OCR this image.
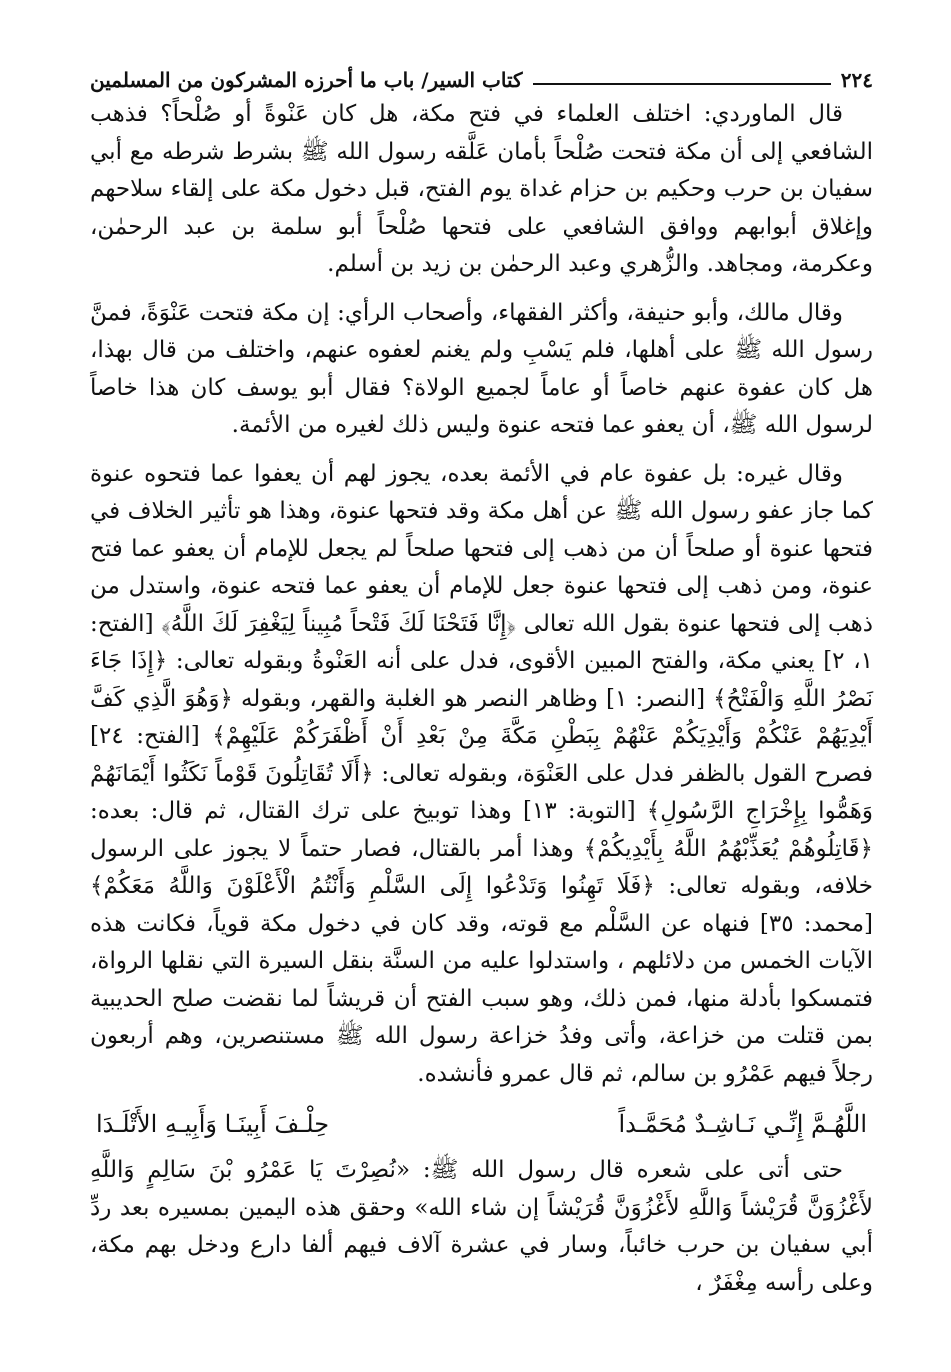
٢٢٤
كتاب السير/ باب ما أحرزه المشركون من المسلمين

قال الماوردي: اختلف العلماء في فتح مكة، هل كان عَنْوةً أو صُلْحاً؟ فذهب الشافعي إلى أن مكة فتحت صُلْحاً بأمان عَلَّقه رسول الله ﷺ بشرط شرطه مع أبي سفيان بن حرب وحكيم بن حزام غداة يوم الفتح، قبل دخول مكة على إلقاء سلاحهم وإغلاق أبوابهم ووافق الشافعي على فتحها صُلْحاً أبو سلمة بن عبد الرحمٰن، وعكرمة، ومجاهد. والزُّهري وعبد الرحمٰن بن زيد بن أسلم.

وقال مالك، وأبو حنيفة، وأكثر الفقهاء، وأصحاب الرأي: إن مكة فتحت عَنْوَةً، فمنَّ رسول الله ﷺ على أهلها، فلم يَسْبِ ولم يغنم لعفوه عنهم، واختلف من قال بهذا، هل كان عفوة عنهم خاصاً أو عاماً لجميع الولاة؟ فقال أبو يوسف كان هذا خاصاً لرسول الله ﷺ، أن يعفو عما فتحه عنوة وليس ذلك لغيره من الأئمة.

وقال غيره: بل عفوة عام في الأئمة بعده، يجوز لهم أن يعفوا عما فتحوه عنوة كما جاز عفو رسول الله ﷺ عن أهل مكة وقد فتحها عنوة، وهذا هو تأثير الخلاف في فتحها عنوة أو صلحاً أن من ذهب إلى فتحها صلحاً لم يجعل للإمام أن يعفو عما فتح عنوة، ومن ذهب إلى فتحها عنوة جعل للإمام أن يعفو عما فتحه عنوة، واستدل من ذهب إلى فتحها عنوة بقول الله تعالى ﴿إِنَّا فَتَحْنَا لَكَ فَتْحاً مُبِيناً لِيَغْفِرَ لَكَ اللَّهُ﴾ [الفتح: ١، ٢] يعني مكة، والفتح المبين الأقوى، فدل على أنه العَنْوةُ وبقوله تعالى: ﴿إِذَا جَاءَ نَصْرُ اللَّهِ وَالْفَتْحُ﴾ [النصر: ١] وظاهر النصر هو الغلبة والقهر، وبقوله ﴿وَهُوَ الَّذِي كَفَّ أَيْدِيَهُمْ عَنْكُمْ وَأَيْدِيَكُمْ عَنْهُمْ بِبَطْنِ مَكَّةَ مِنْ بَعْدِ أَنْ أَظْفَرَكُمْ عَلَيْهِمْ﴾ [الفتح: ٢٤] فصرح القول بالظفر فدل على العَنْوَة، وبقوله تعالى: ﴿أَلَا تُقَاتِلُونَ قَوْماً نَكَثُوا أَيْمَانَهُمْ وَهَمُّوا بِإِخْرَاجِ الرَّسُولِ﴾ [التوبة: ١٣] وهذا توبيخ على ترك القتال، ثم قال: بعده: ﴿قَاتِلُوهُمْ يُعَذِّبْهُمُ اللَّهُ بِأَيْدِيكُمْ﴾ وهذا أمر بالقتال، فصار حتماً لا يجوز على الرسول خلافه، وبقوله تعالى: ﴿فَلَا تَهِنُوا وَتَدْعُوا إِلَى السَّلْمِ وَأَنْتُمُ الْأَعْلَوْنَ وَاللَّهُ مَعَكُمْ﴾ [محمد: ٣٥] فنهاه عن السَّلْم مع قوته، وقد كان في دخول مكة قوياً، فكانت هذه الآيات الخمس من دلائلهم ، واستدلوا عليه من السنَّة بنقل السيرة التي نقلها الرواة، فتمسكوا بأدلة منها، فمن ذلك، وهو سبب الفتح أن قريشاً لما نقضت صلح الحديبية بمن قتلت من خزاعة، وأتى وفدُ خزاعة رسول الله ﷺ مستنصرين، وهم أربعون رجلاً فيهم عَمْرُو بن سالم، ثم قال عمرو فأنشده.

اللَّهُـمَّ إِنِّـي نَـاشِـدٌ مُحَمَّـداً
حِلْـفَ أَبِينَـا وَأَبِيـهِ الأَتْلَـدَا

حتى أتى على شعره قال رسول الله ﷺ: «نُصِرْتَ يَا عَمْرُو بْنَ سَالِمٍ وَاللَّهِ لأَغْزُوَنَّ قُرَيْشاً وَاللَّهِ لأَغْزُوَنَّ قُرَيْشاً إن شاء الله» وحقق هذه اليمين بمسيره بعد ردِّ أبي سفيان بن حرب خائباً، وسار في عشرة آلاف فيهم ألفا دارع ودخل بهم مكة، وعلى رأسه مِغْفَرٌ ،
